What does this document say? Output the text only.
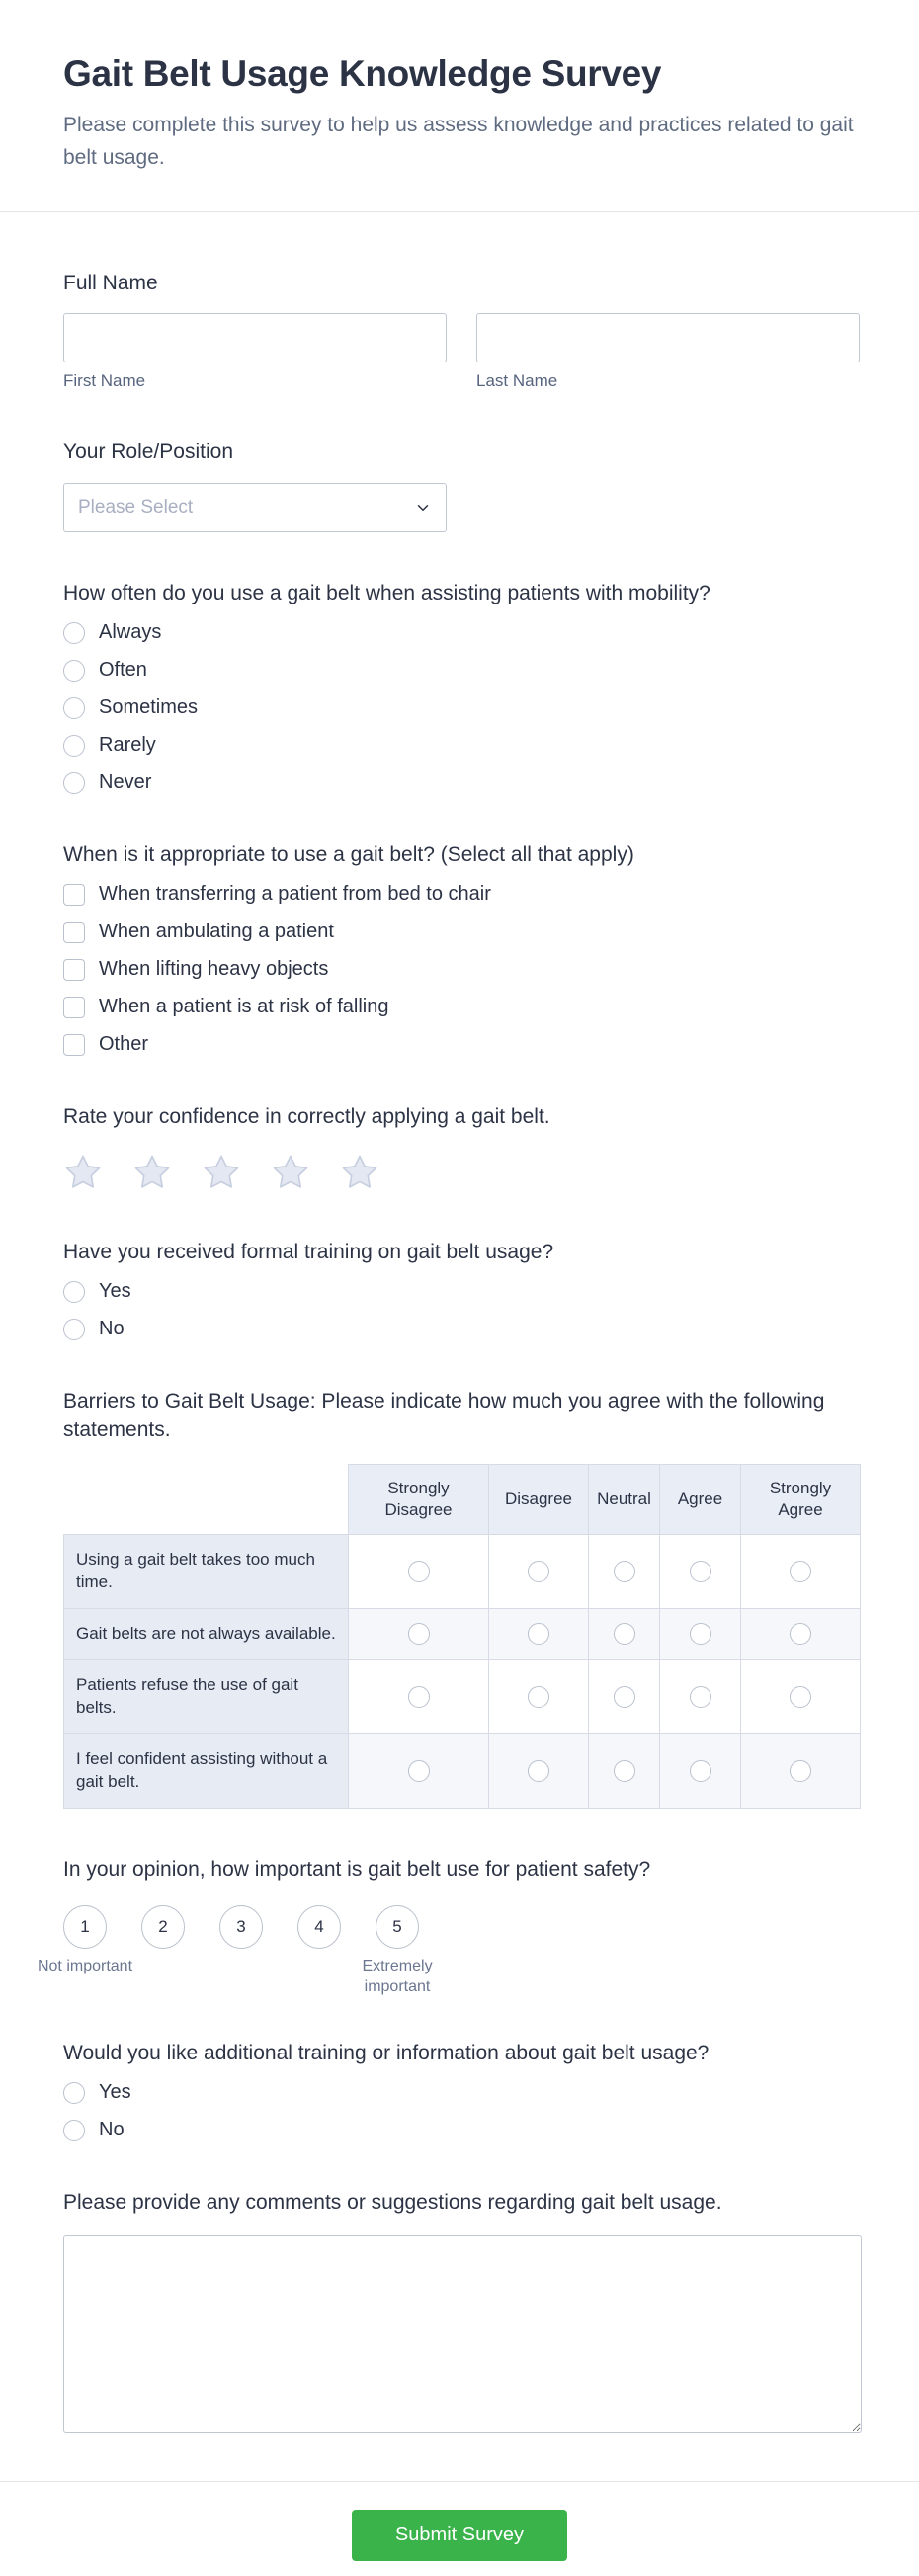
Gait Belt Usage Knowledge Survey

Please complete this survey to help us assess knowledge and practices related to gait belt usage.

Full Name
First Name	Last Name
Your Role/Position
Please Select
How often do you use a gait belt when assisting patients with mobility?
Always
Often
Sometimes
Rarely
Never
When is it appropriate to use a gait belt? (Select all that apply)
When transferring a patient from bed to chair
When ambulating a patient
When lifting heavy objects
When a patient is at risk of falling
Other
Rate your confidence in correctly applying a gait belt.
Have you received formal training on gait belt usage?
Yes
No
Barriers to Gait Belt Usage: Please indicate how much you agree with the following statements.
	Strongly Disagree	Disagree	Neutral	Agree	Strongly Agree
Using a gait belt takes too much time.					
Gait belts are not always available.					
Patients refuse the use of gait belts.					
I feel confident assisting without a gait belt.					
In your opinion, how important is gait belt use for patient safety?
1
Not important
2	3	4	5
Extremely important
Would you like additional training or information about gait belt usage?
Yes
No
Please provide any comments or suggestions regarding gait belt usage.
Submit Survey
